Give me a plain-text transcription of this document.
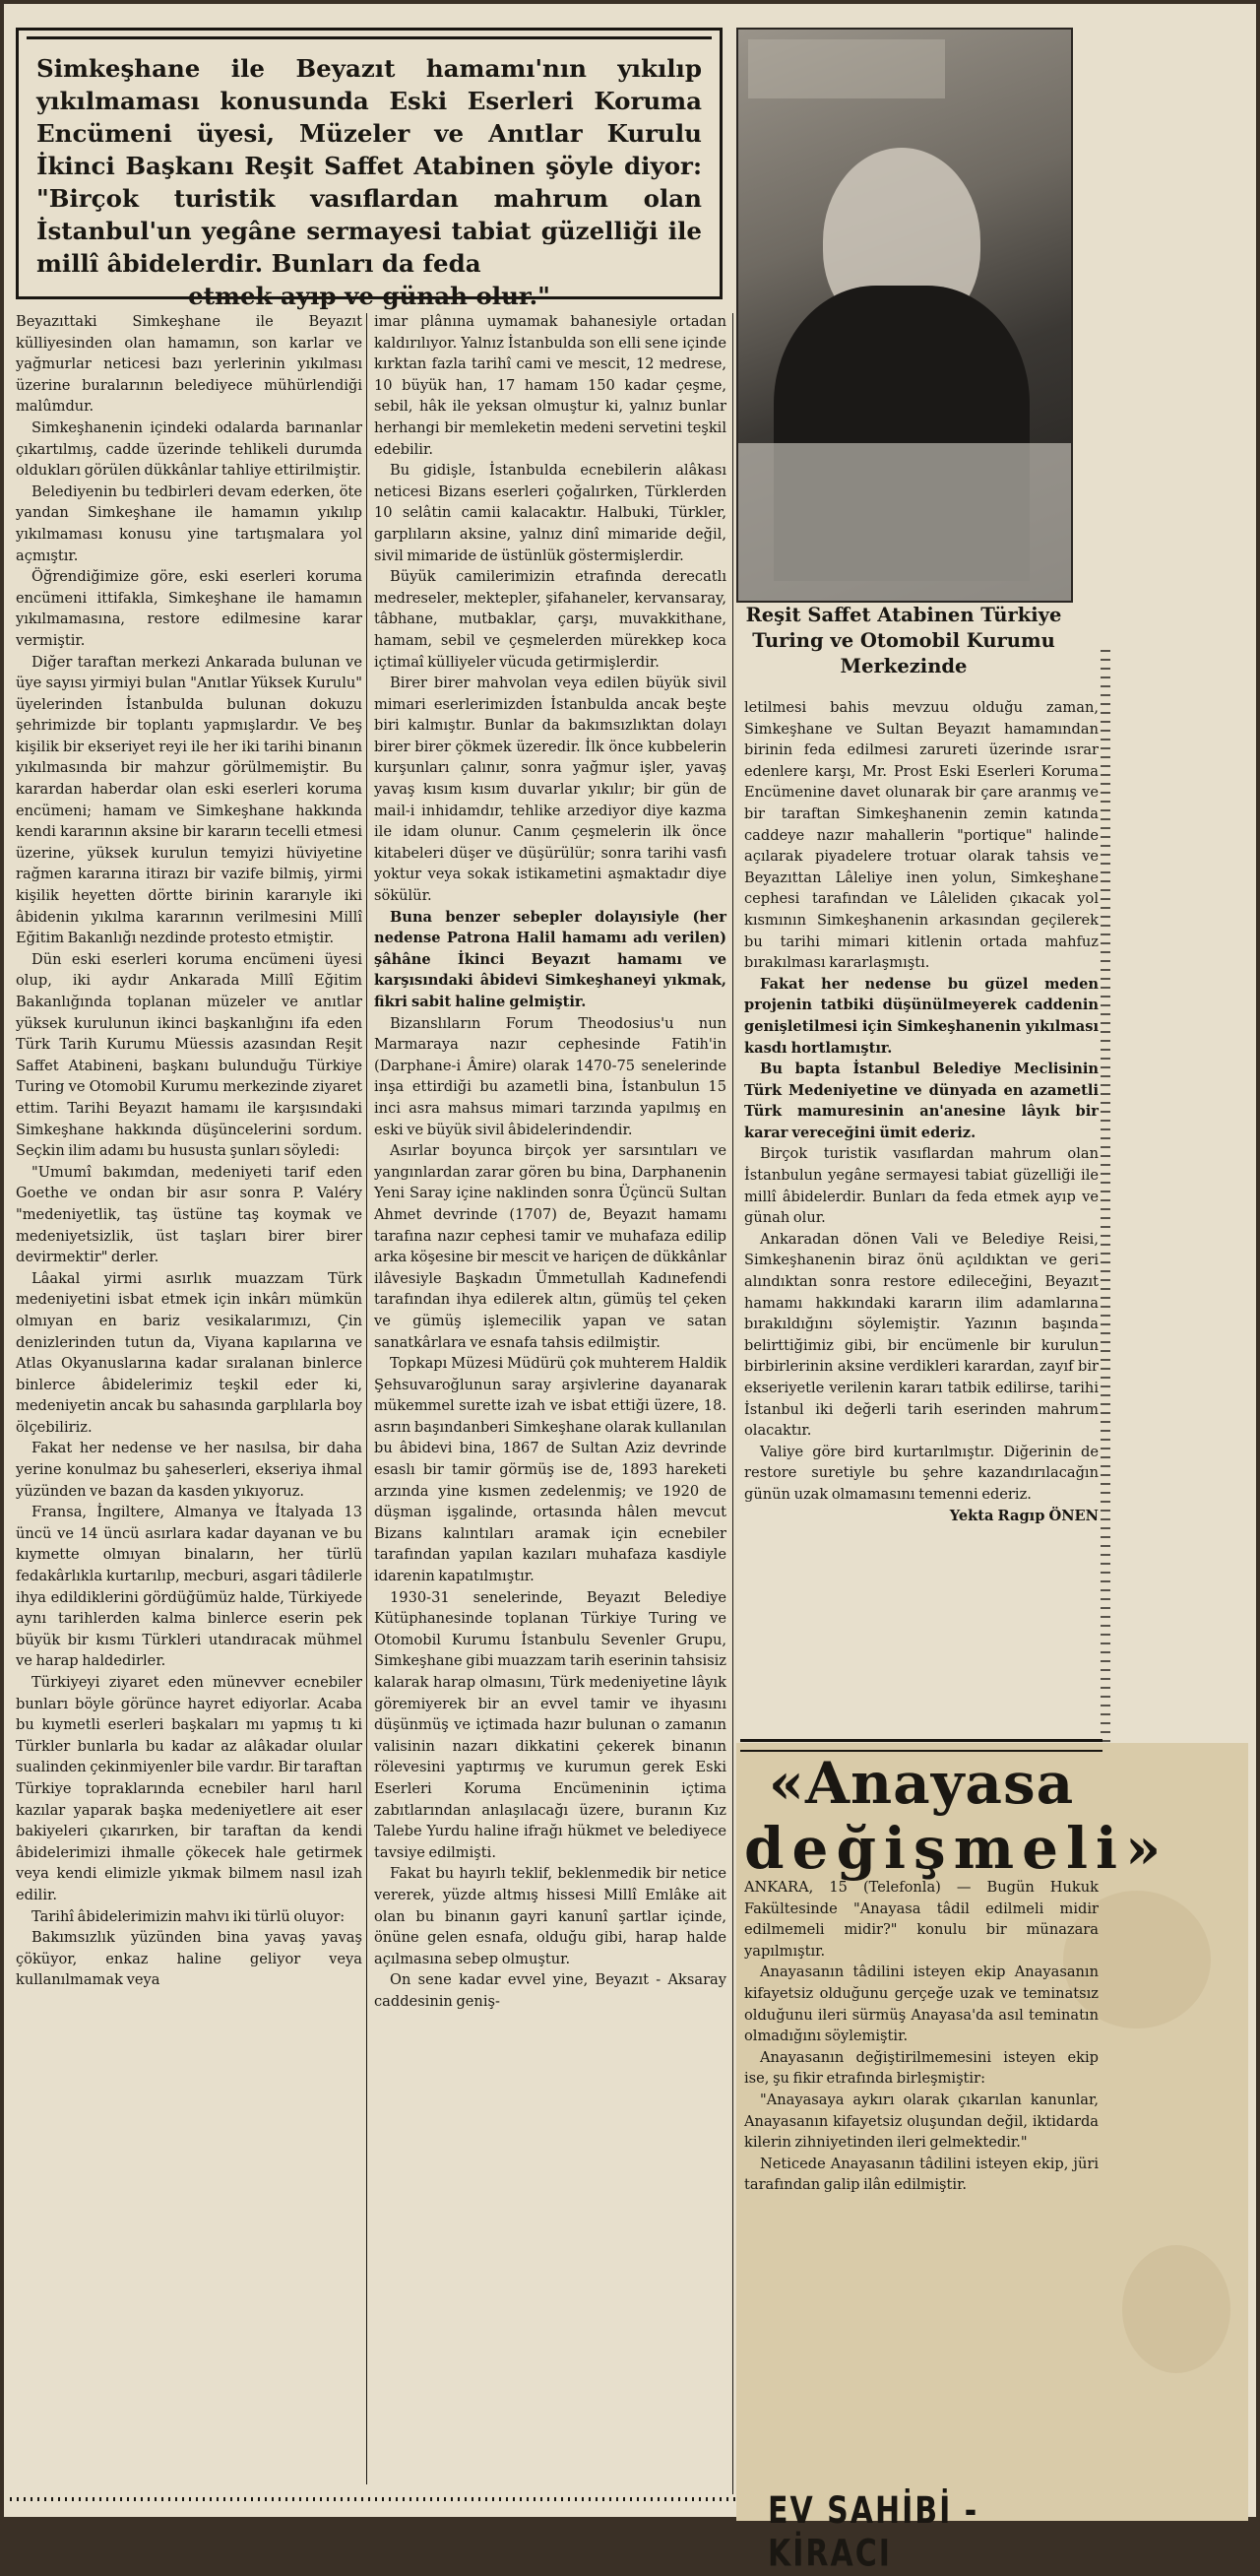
Simkeşhane ile Beyazıt hamamı'nın yıkılıp yıkılmaması konusunda Eski Eserleri Koruma Encümeni üyesi, Müzeler ve Anıtlar Kurulu İkinci Başkanı Reşit Saffet Atabinen şöyle diyor: "Birçok turistik vasıflardan mahrum olan İstanbul'un yegâne sermayesi tabiat güzelliği ile millî âbidelerdir. Bunları da feda
etmek ayıp ve günah olur."

Reşit Saffet Atabinen Türkiye Turing ve Otomobil Kurumu Merkezinde

Beyazıttaki Simkeşhane ile Beyazıt külliyesinden olan hamamın, son karlar ve yağmurlar neticesi bazı yerlerinin yıkılması üzerine buralarının belediyece mühürlendiği malûmdur.

Simkeşhanenin içindeki odalarda barınanlar çıkartılmış, cadde üzerinde tehlikeli durumda oldukları görülen dükkânlar tahliye ettirilmiştir.

Belediyenin bu tedbirleri devam ederken, öte yandan Simkeşhane ile hamamın yıkılıp yıkılmaması konusu yine tartışmalara yol açmıştır.

Öğrendiğimize göre, eski eserleri koruma encümeni ittifakla, Simkeşhane ile hamamın yıkılmamasına, restore edilmesine karar vermiştir.

Diğer taraftan merkezi Ankarada bulunan ve üye sayısı yirmiyi bulan "Anıtlar Yüksek Kurulu" üyelerinden İstanbulda bulunan dokuzu şehrimizde bir toplantı yapmışlardır. Ve beş kişilik bir ekseriyet reyi ile her iki tarihi binanın yıkılmasında bir mahzur görülmemiştir. Bu karardan haberdar olan eski eserleri koruma encümeni; hamam ve Simkeşhane hakkında kendi kararının aksine bir kararın tecelli etmesi üzerine, yüksek kurulun temyizi hüviyetine rağmen kararına itirazı bir vazife bilmiş, yirmi kişilik heyetten dörtte birinin kararıyle iki âbidenin yıkılma kararının verilmesini Millî Eğitim Bakanlığı nezdinde protesto etmiştir.

Dün eski eserleri koruma encümeni üyesi olup, iki aydır Ankarada Millî Eğitim Bakanlığında toplanan müzeler ve anıtlar yüksek kurulunun ikinci başkanlığını ifa eden Türk Tarih Kurumu Müessis azasından Reşit Saffet Atabineni, başkanı bulunduğu Türkiye Turing ve Otomobil Kurumu merkezinde ziyaret ettim. Tarihi Beyazıt hamamı ile karşısındaki Simkeşhane hakkında düşüncelerini sordum. Seçkin ilim adamı bu hususta şunları söyledi:

"Umumî bakımdan, medeniyeti tarif eden Goethe ve ondan bir asır sonra P. Valéry "medeniyetlik, taş üstüne taş koymak ve medeniyetsizlik, üst taşları birer birer devirmektir" derler.

Lâakal yirmi asırlık muazzam Türk medeniyetini isbat etmek için inkârı mümkün olmıyan en bariz vesikalarımızı, Çin denizlerinden tutun da, Viyana kapılarına ve Atlas Okyanuslarına kadar sıralanan binlerce binlerce âbidelerimiz teşkil eder ki, medeniyetin ancak bu sahasında garplılarla boy ölçebiliriz.

Fakat her nedense ve her nasılsa, bir daha yerine konulmaz bu şaheserleri, ekseriya ihmal yüzünden ve bazan da kasden yıkıyoruz.

Fransa, İngiltere, Almanya ve İtalyada 13 üncü ve 14 üncü asırlara kadar dayanan ve bu kıymette olmıyan binaların, her türlü fedakârlıkla kurtarılıp, mecburi, asgari tâdilerle ihya edildiklerini gördüğümüz halde, Türkiyede aynı tarihlerden kalma binlerce eserin pek büyük bir kısmı Türkleri utandıracak mühmel ve harap haldedirler.

Türkiyeyi ziyaret eden münevver ecnebiler bunları böyle görünce hayret ediyorlar. Acaba bu kıymetli eserleri başkaları mı yapmış tı ki Türkler bunlarla bu kadar az alâkadar oluılar sualinden çekinmiyenler bile vardır. Bir taraftan Türkiye topraklarında ecnebiler harıl harıl kazılar yaparak başka medeniyetlere ait eser bakiyeleri çıkarırken, bir taraftan da kendi âbidelerimizi ihmalle çökecek hale getirmek veya kendi elimizle yıkmak bilmem nasıl izah edilir.

Tarihî âbidelerimizin mahvı iki türlü oluyor:

Bakımsızlık yüzünden bina yavaş yavaş çöküyor, enkaz haline geliyor veya kullanılmamak veya

imar plânına uymamak bahanesiyle ortadan kaldırılıyor. Yalnız İstanbulda son elli sene içinde kırktan fazla tarihî cami ve mescit, 12 medrese, 10 büyük han, 17 hamam 150 kadar çeşme, sebil, hâk ile yeksan olmuştur ki, yalnız bunlar herhangi bir memleketin medeni servetini teşkil edebilir.

Bu gidişle, İstanbulda ecnebilerin alâkası neticesi Bizans eserleri çoğalırken, Türklerden 10 selâtin camii kalacaktır. Halbuki, Türkler, garplıların aksine, yalnız dinî mimaride değil, sivil mimaride de üstünlük göstermişlerdir.

Büyük camilerimizin etrafında derecatlı medreseler, mektepler, şifahaneler, kervansaray, tâbhane, mutbaklar, çarşı, muvakkithane, hamam, sebil ve çeşmelerden mürekkep koca içtimaî külliyeler vücuda getirmişlerdir.

Birer birer mahvolan veya edilen büyük sivil mimari eserlerimizden İstanbulda ancak beşte biri kalmıştır. Bunlar da bakımsızlıktan dolayı birer birer çökmek üzeredir. İlk önce kubbelerin kurşunları çalınır, sonra yağmur işler, yavaş yavaş kısım kısım duvarlar yıkılır; bir gün de mail-i inhidamdır, tehlike arzediyor diye kazma ile idam olunur. Canım çeşmelerin ilk önce kitabeleri düşer ve düşürülür; sonra tarihi vasfı yoktur veya sokak istikametini aşmaktadır diye sökülür.

Buna benzer sebepler dolayısiyle (her nedense Patrona Halil hamamı adı verilen) şâhâne İkinci Beyazıt hamamı ve karşısındaki âbidevi Simkeşhaneyi yıkmak, fikri sabit haline gelmiştir.

Bizanslıların Forum Theodosius'u nun Marmaraya nazır cephesinde Fatih'in (Darphane-i Âmire) olarak 1470-75 senelerinde inşa ettirdiği bu azametli bina, İstanbulun 15 inci asra mahsus mimari tarzında yapılmış en eski ve büyük sivil âbidelerindendir.

Asırlar boyunca birçok yer sarsıntıları ve yangınlardan zarar gören bu bina, Darphanenin Yeni Saray içine naklinden sonra Üçüncü Sultan Ahmet devrinde (1707) de, Beyazıt hamamı tarafına nazır cephesi tamir ve muhafaza edilip arka köşesine bir mescit ve hariçen de dükkânlar ilâvesiyle Başkadın Ümmetullah Kadınefendi tarafından ihya edilerek altın, gümüş tel çeken ve gümüş işlemecilik yapan ve satan sanatkârlara ve esnafa tahsis edilmiştir.

Topkapı Müzesi Müdürü çok muhterem Haldik Şehsuvaroğlunun saray arşivlerine dayanarak mükemmel surette izah ve isbat ettiği üzere, 18. asrın başındanberi Simkeşhane olarak kullanılan bu âbidevi bina, 1867 de Sultan Aziz devrinde esaslı bir tamir görmüş ise de, 1893 hareketi arzında yine kısmen zedelenmiş; ve 1920 de düşman işgalinde, ortasında hâlen mevcut Bizans kalıntıları aramak için ecnebiler tarafından yapılan kazıları muhafaza kasdiyle idarenin kapatılmıştır.

1930-31 senelerinde, Beyazıt Belediye Kütüphanesinde toplanan Türkiye Turing ve Otomobil Kurumu İstanbulu Sevenler Grupu, Simkeşhane gibi muazzam tarih eserinin tahsisiz kalarak harap olmasını, Türk medeniyetine lâyık göremiyerek bir an evvel tamir ve ihyasını düşünmüş ve içtimada hazır bulunan o zamanın valisinin nazarı dikkatini çekerek binanın rölevesini yaptırmış ve kurumun gerek Eski Eserleri Koruma Encümeninin içtima zabıtlarından anlaşılacağı üzere, buranın Kız Talebe Yurdu haline ifrağı hükmet ve belediyece tavsiye edilmişti.

Fakat bu hayırlı teklif, beklenmedik bir netice vererek, yüzde altmış hissesi Millî Emlâke ait olan bu binanın gayri kanunî şartlar içinde, önüne gelen esnafa, olduğu gibi, harap halde açılmasına sebep olmuştur.

On sene kadar evvel yine, Beyazıt - Aksaray caddesinin geniş-

letilmesi bahis mevzuu olduğu zaman, Simkeşhane ve Sultan Beyazıt hamamından birinin feda edilmesi zarureti üzerinde ısrar edenlere karşı, Mr. Prost Eski Eserleri Koruma Encümenine davet olunarak bir çare aranmış ve bir taraftan Simkeşhanenin zemin katında caddeye nazır mahallerin "portique" halinde açılarak piyadelere trotuar olarak tahsis ve Beyazıttan Lâleliye inen yolun, Simkeşhane cephesi tarafından ve Lâleliden çıkacak yol kısmının Simkeşhanenin arkasından geçilerek bu tarihi mimari kitlenin ortada mahfuz bırakılması kararlaşmıştı.

Fakat her nedense bu güzel meden projenin tatbiki düşünülmeyerek caddenin genişletilmesi için Simkeşhanenin yıkılması kasdı hortlamıştır.

Bu bapta İstanbul Belediye Meclisinin Türk Medeniyetine ve dünyada en azametli Türk mamuresinin an'anesine lâyık bir karar vereceğini ümit ederiz.

Birçok turistik vasıflardan mahrum olan İstanbulun yegâne sermayesi tabiat güzelliği ile millî âbidelerdir. Bunları da feda etmek ayıp ve günah olur.

Ankaradan dönen Vali ve Belediye Reisi, Simkeşhanenin biraz önü açıldıktan ve geri alındıktan sonra restore edileceğini, Beyazıt hamamı hakkındaki kararın ilim adamlarına bırakıldığını söylemiştir. Yazının başında belirttiğimiz gibi, bir encümenle bir kurulun birbirlerinin aksine verdikleri karardan, zayıf bir ekseriyetle verilenin kararı tatbik edilirse, tarihi İstanbul iki değerli tarih eserinden mahrum olacaktır.

Valiye göre bird kurtarılmıştır. Diğerinin de restore suretiyle bu şehre kazandırılacağın günün uzak olmamasını temenni ederiz.

Yekta Ragıp ÖNEN

«Anayasa
değişmeli»

ANKARA, 15 (Telefonla) — Bugün Hukuk Fakültesinde "Anayasa tâdil edilmeli midir edilmemeli midir?" konulu bir münazara yapılmıştır.

Anayasanın tâdilini isteyen ekip Anayasanın kifayetsiz olduğunu gerçeğe uzak ve teminatsız olduğunu ileri sürmüş Anayasa'da asıl teminatın olmadığını söylemiştir.

Anayasanın değiştirilmemesini isteyen ekip ise, şu fikir etrafında birleşmiştir:

"Anayasaya aykırı olarak çıkarılan kanunlar, Anayasanın kifayetsiz oluşundan değil, iktidarda kilerin zihniyetinden ileri gelmektedir."

Neticede Anayasanın tâdilini isteyen ekip, jüri tarafından galip ilân edilmiştir.

EV SAHİBİ - KİRACI
